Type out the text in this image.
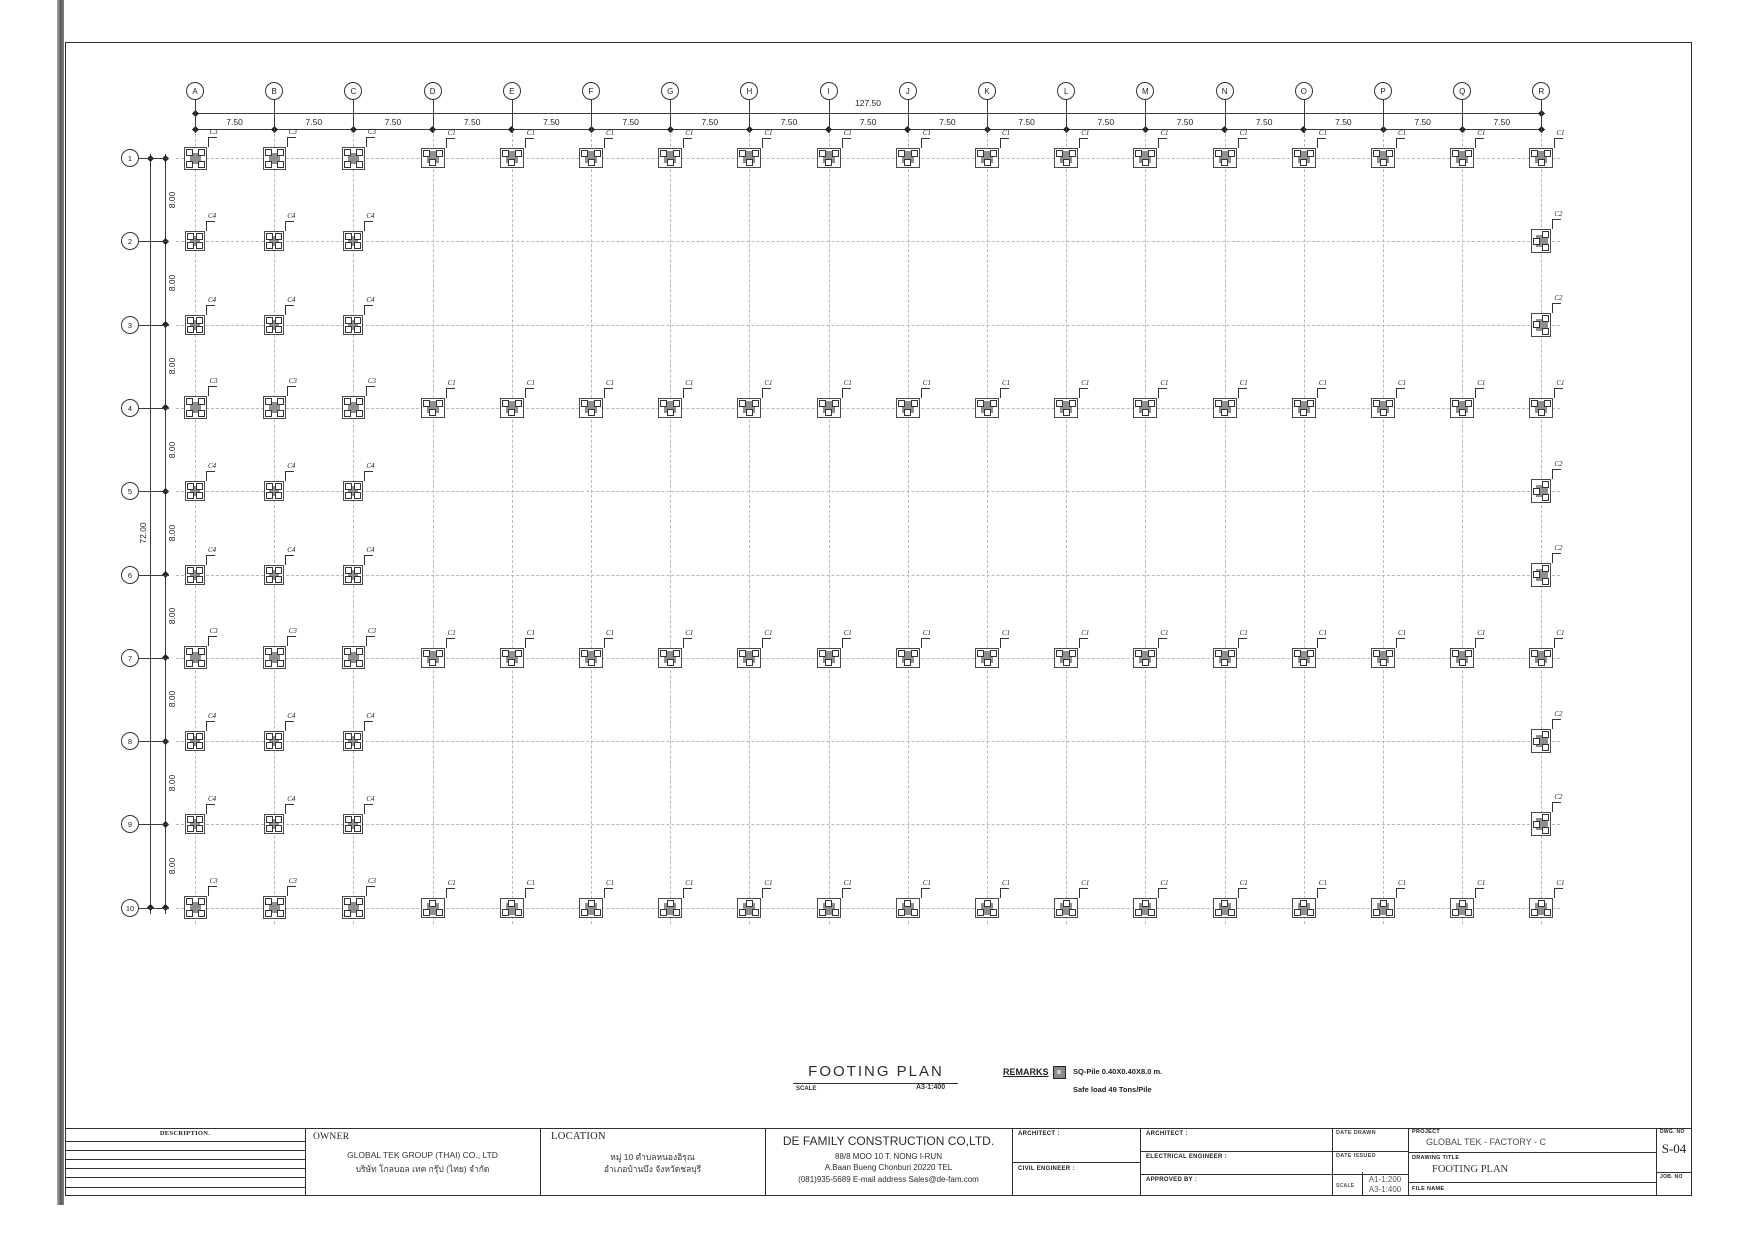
A	B	C	D	E	F	G	H	I	J	K	L	M	N	O	P	Q	R
7.50	7.50	7.50	7.50	7.50	7.50	7.50	7.50	7.50	7.50	7.50	7.50	7.50	7.50	7.50	7.50	7.50
127.50
1
2
3
4
5
6
7
8
9
10
8.00
8.00
8.00
8.00
8.00
8.00
8.00
8.00
8.00
72.00
C3	C3	C3
C3	C3	C3
C3	C3	C3
C3	C3	C3
C4	C4	C4
C4	C4	C4
C4	C4	C4
C4	C4	C4
C4	C4	C4
C4	C4	C4
C1	C1	C1	C1	C1	C1	C1	C1	C1	C1	C1	C1	C1	C1	C1
C1	C1	C1	C1	C1	C1	C1	C1	C1	C1	C1	C1	C1	C1	C1
C1	C1	C1	C1	C1	C1	C1	C1	C1	C1	C1	C1	C1	C1	C1
C1	C1	C1	C1	C1	C1	C1	C1	C1	C1	C1	C1	C1	C1	C1
C2
C2
C2
C2
C2
C2
FOOTING PLAN
SCALE	A3-1:400
REMARKS	SQ-Pile 0.40X0.40X8.0 m.
Safe load 49 Tons/Pile
DESCRIPTION.	OWNER
GLOBAL TEK GROUP (THAI) CO., LTD
บริษัท โกลบอล เทค กรุ๊ป (ไทย) จำกัด
LOCATION
หมู่ 10 ตำบลหนองอิรุณ
อำเภอบ้านบึง จังหวัดชลบุรี
DE FAMILY CONSTRUCTION CO,LTD.
88/8 MOO 10 T. NONG I-RUN
A.Baan Bueng Chonburi 20220 TEL
(081)935-5689 E-mail address Sales@de-fam.com
ARCHITECT :
CIVIL ENGINEER :
ARCHITECT :
ELECTRICAL ENGINEER :
APPROVED BY :
DATE DRAWN
DATE ISSUED
SCALE
A1-1:200
A3-1:400
PROJECT
GLOBAL TEK - FACTORY - C
DRAWING TITLE
FOOTING PLAN
FILE NAME
DWG. NO
S-04
JOB. NO
